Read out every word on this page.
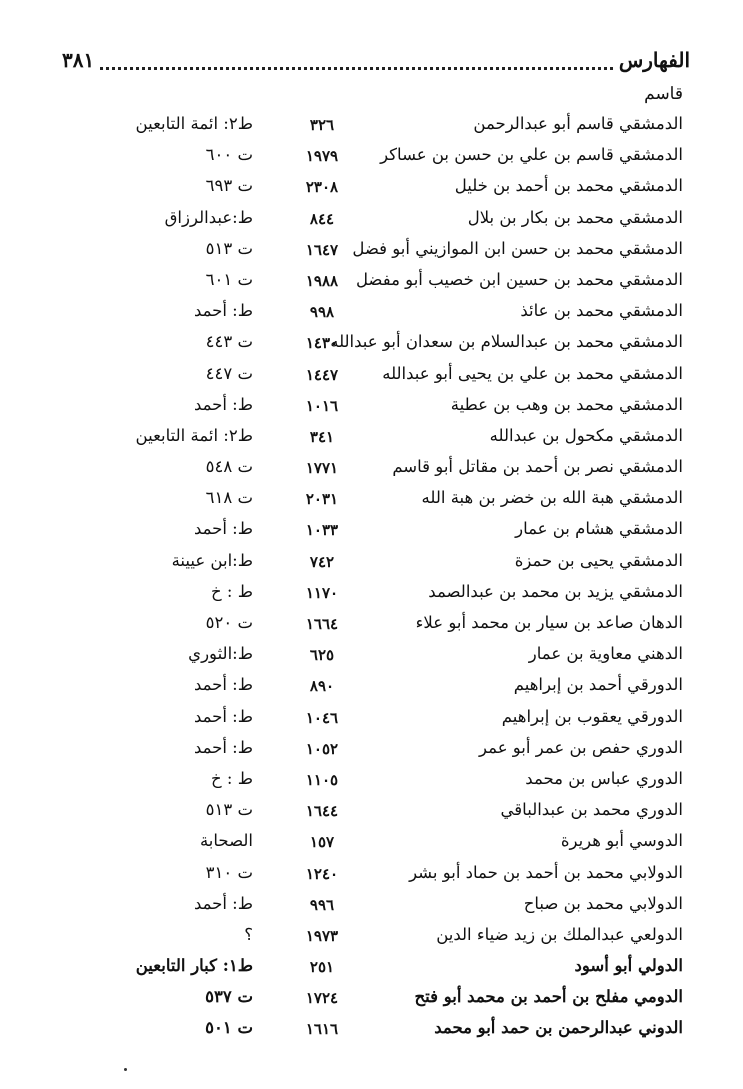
الفهارس
٣٨١
قاسم
الدمشقي قاسم أبو عبدالرحمن
٣٢٦
ط٢: ائمة التابعين
الدمشقي قاسم بن علي بن حسن بن عساكر
١٩٧٩
ت ٦٠٠
الدمشقي محمد بن أحمد بن خليل
٢٣٠٨
ت ٦٩٣
الدمشقي محمد بن بكار بن بلال
٨٤٤
ط:عبدالرزاق
الدمشقي محمد بن حسن ابن الموازيني أبو فضل
١٦٤٧
ت ٥١٣
الدمشقي محمد بن حسين ابن خصيب أبو مفضل
١٩٨٨
ت ٦٠١
الدمشقي محمد بن عائذ
٩٩٨
ط: أحمد
الدمشقي محمد بن عبدالسلام بن سعدان أبو عبدالله
١٤٣٠
ت ٤٤٣
الدمشقي محمد بن علي بن يحيى أبو عبدالله
١٤٤٧
ت ٤٤٧
الدمشقي محمد بن وهب بن عطية
١٠١٦
ط: أحمد
الدمشقي مكحول بن عبدالله
٣٤١
ط٢: ائمة التابعين
الدمشقي نصر بن أحمد بن مقاتل أبو قاسم
١٧٧١
ت ٥٤٨
الدمشقي هبة الله بن خضر بن هبة الله
٢٠٣١
ت ٦١٨
الدمشقي هشام بن عمار
١٠٣٣
ط: أحمد
الدمشقي يحيى بن حمزة
٧٤٢
ط:ابن عيينة
الدمشقي يزيد بن محمد بن عبدالصمد
١١٧٠
ط : خ
الدهان صاعد بن سيار بن محمد أبو علاء
١٦٦٤
ت ٥٢٠
الدهني معاوية بن عمار
٦٢٥
ط:الثوري
الدورقي أحمد بن إبراهيم
٨٩٠
ط: أحمد
الدورقي يعقوب بن إبراهيم
١٠٤٦
ط: أحمد
الدوري حفص بن عمر أبو عمر
١٠٥٢
ط: أحمد
الدوري عباس بن محمد
١١٠٥
ط : خ
الدوري محمد بن عبدالباقي
١٦٤٤
ت ٥١٣
الدوسي أبو هريرة
١٥٧
الصحابة
الدولابي محمد بن أحمد بن حماد أبو بشر
١٢٤٠
ت ٣١٠
الدولابي محمد بن صباح
٩٩٦
ط: أحمد
الدولعي عبدالملك بن زيد ضياء الدين
١٩٧٣
؟
الدولي أبو أسود
٢٥١
ط١: كبار التابعين
الدومي مفلح بن أحمد بن محمد أبو فتح
١٧٢٤
ت ٥٣٧
الدوني عبدالرحمن بن حمد أبو محمد
١٦١٦
ت ٥٠١
